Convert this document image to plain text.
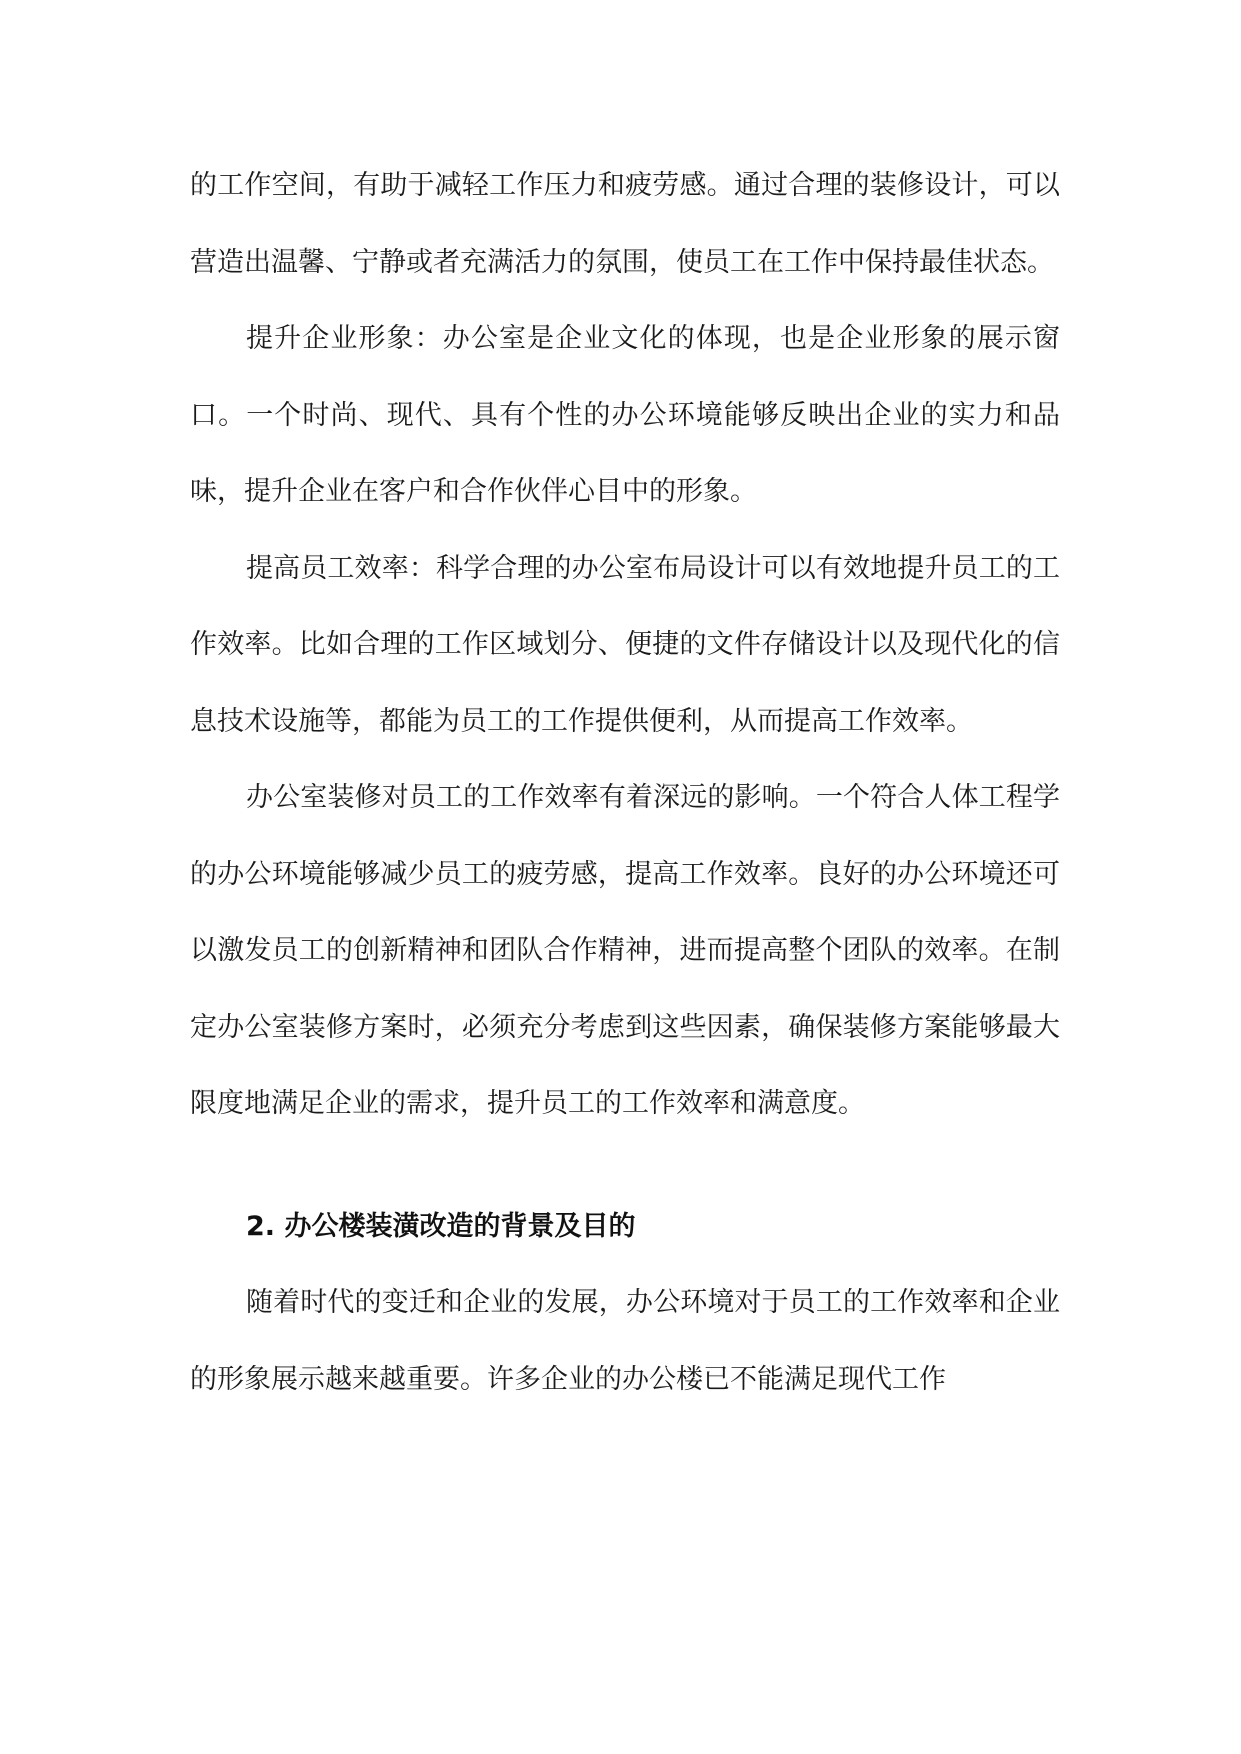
的工作空间，有助于减轻工作压力和疲劳感。通过合理的装修设计，可以营造出温馨、宁静或者充满活力的氛围，使员工在工作中保持最佳状态。

提升企业形象：办公室是企业文化的体现，也是企业形象的展示窗口。一个时尚、现代、具有个性的办公环境能够反映出企业的实力和品味，提升企业在客户和合作伙伴心目中的形象。

提高员工效率：科学合理的办公室布局设计可以有效地提升员工的工作效率。比如合理的工作区域划分、便捷的文件存储设计以及现代化的信息技术设施等，都能为员工的工作提供便利，从而提高工作效率。

办公室装修对员工的工作效率有着深远的影响。一个符合人体工程学的办公环境能够减少员工的疲劳感，提高工作效率。良好的办公环境还可以激发员工的创新精神和团队合作精神，进而提高整个团队的效率。在制定办公室装修方案时，必须充分考虑到这些因素，确保装修方案能够最大限度地满足企业的需求，提升员工的工作效率和满意度。

2. 办公楼装潢改造的背景及目的

随着时代的变迁和企业的发展，办公环境对于员工的工作效率和企业的形象展示越来越重要。许多企业的办公楼已不能满足现代工作
